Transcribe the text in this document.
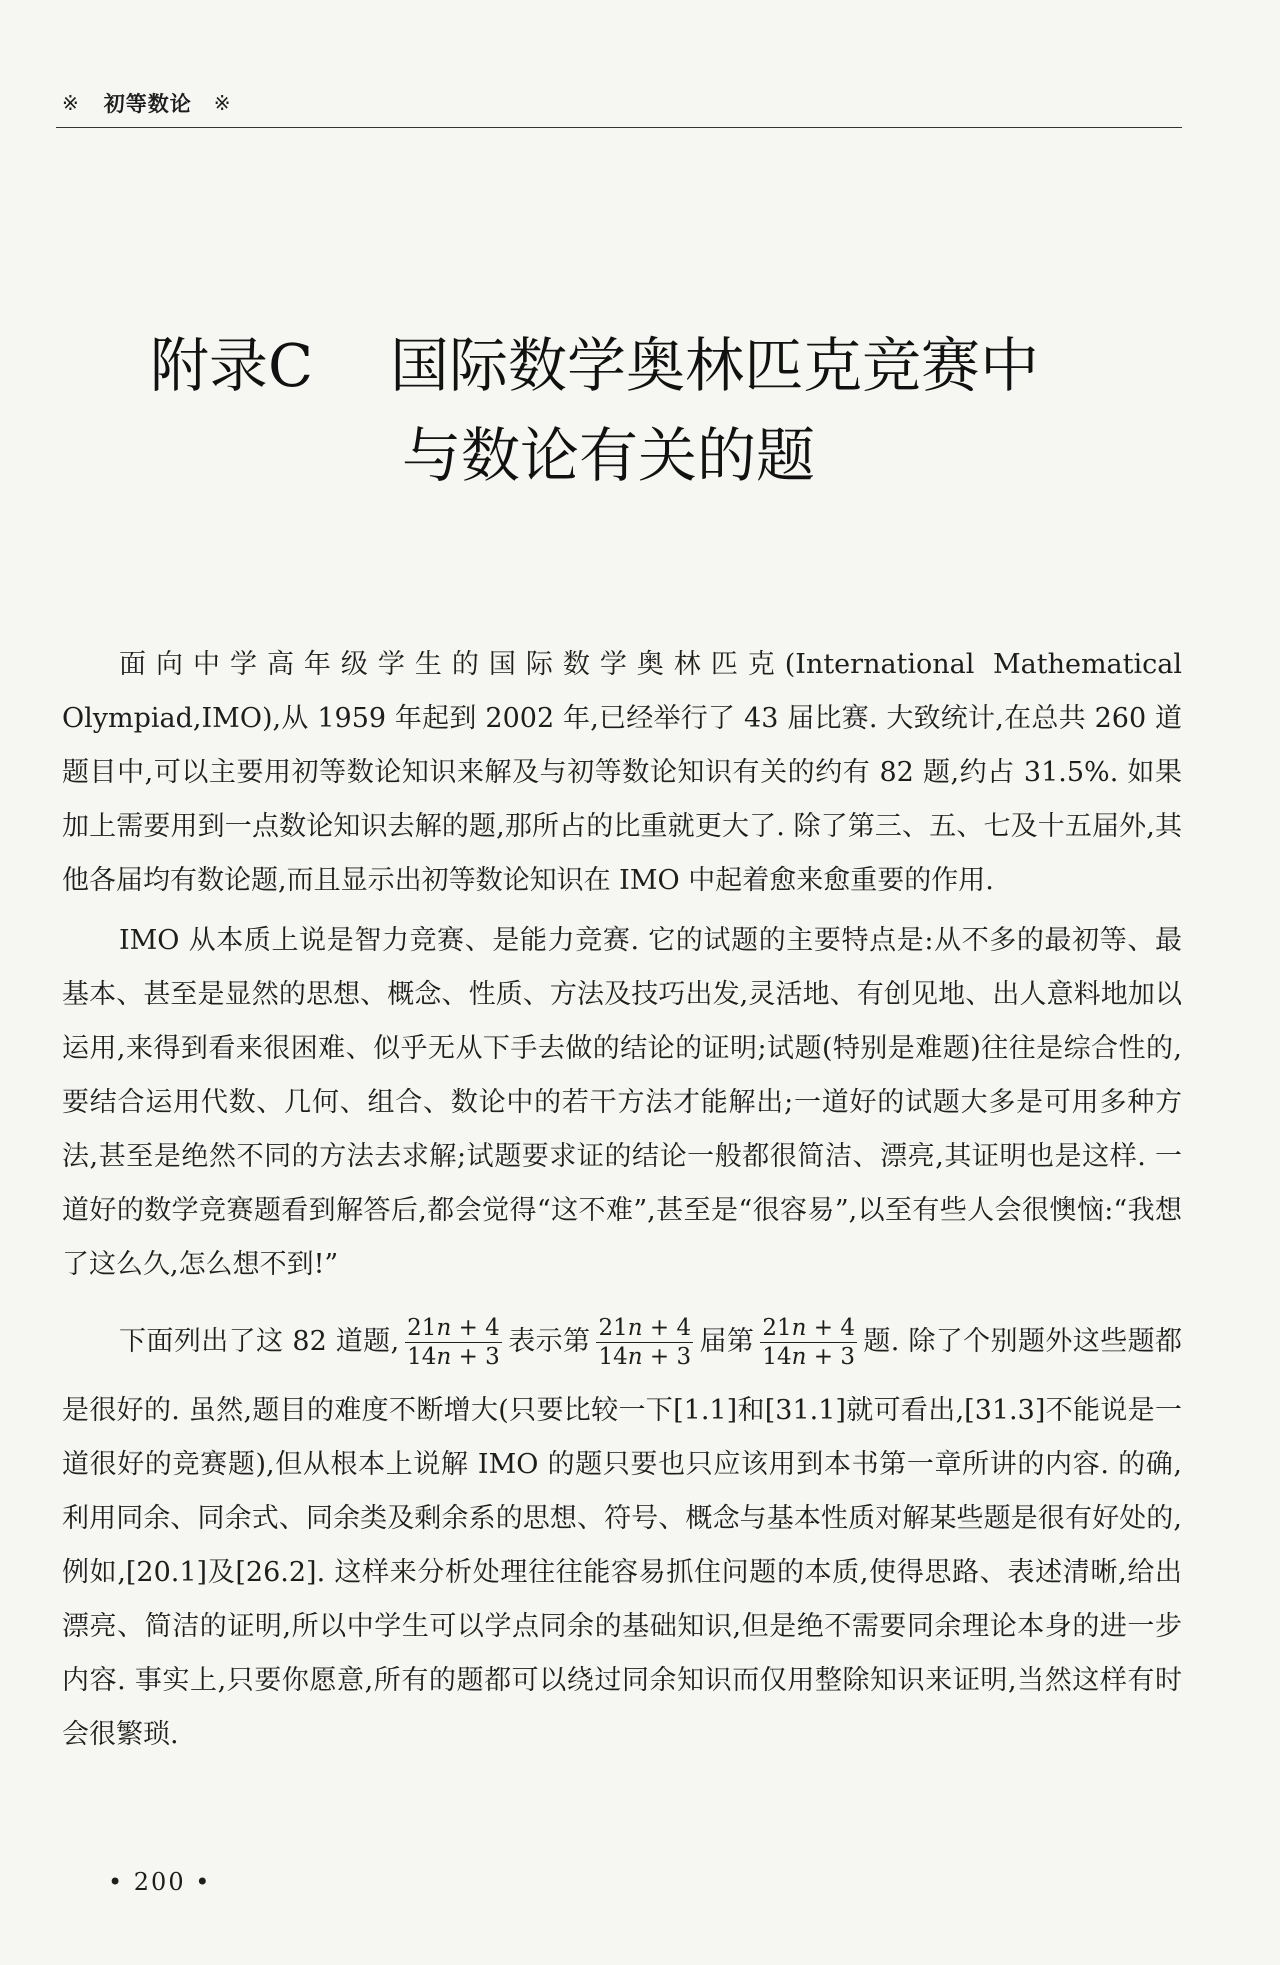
※ 初等数论 ※
附录C 国际数学奥林匹克竞赛中
与数论有关的题

面向中学高年级学生的国际数学奥林匹克(International Mathematical Olympiad,IMO),从 1959 年起到 2002 年,已经举行了 43 届比赛. 大致统计,在总共 260 道题目中,可以主要用初等数论知识来解及与初等数论知识有关的约有 82 题,约占 31.5%. 如果加上需要用到一点数论知识去解的题,那所占的比重就更大了. 除了第三、五、七及十五届外,其他各届均有数论题,而且显示出初等数论知识在 IMO 中起着愈来愈重要的作用.

IMO 从本质上说是智力竞赛、是能力竞赛. 它的试题的主要特点是:从不多的最初等、最基本、甚至是显然的思想、概念、性质、方法及技巧出发,灵活地、有创见地、出人意料地加以运用,来得到看来很困难、似乎无从下手去做的结论的证明;试题(特别是难题)往往是综合性的,要结合运用代数、几何、组合、数论中的若干方法才能解出;一道好的试题大多是可用多种方法,甚至是绝然不同的方法去求解;试题要求证的结论一般都很简洁、漂亮,其证明也是这样. 一道好的数学竞赛题看到解答后,都会觉得“这不难”,甚至是“很容易”,以至有些人会很懊恼:“我想了这么久,怎么想不到!”

下面列出了这 82 道题, $\frac{21n + 4}{14n + 3}$ 表示第 $\frac{21n + 4}{14n + 3}$ 届第 $\frac{21n + 4}{14n + 3}$ 题. 除了个别题外这些题都是很好的. 虽然,题目的难度不断增大(只要比较一下[1.1]和[31.1]就可看出,[31.3]不能说是一道很好的竞赛题),但从根本上说解 IMO 的题只要也只应该用到本书第一章所讲的内容. 的确,利用同余、同余式、同余类及剩余系的思想、符号、概念与基本性质对解某些题是很有好处的,例如,[20.1]及[26.2]. 这样来分析处理往往能容易抓住问题的本质,使得思路、表述清晰,给出漂亮、简洁的证明,所以中学生可以学点同余的基础知识,但是绝不需要同余理论本身的进一步内容. 事实上,只要你愿意,所有的题都可以绕过同余知识而仅用整除知识来证明,当然这样有时会很繁琐.

• 200 •
